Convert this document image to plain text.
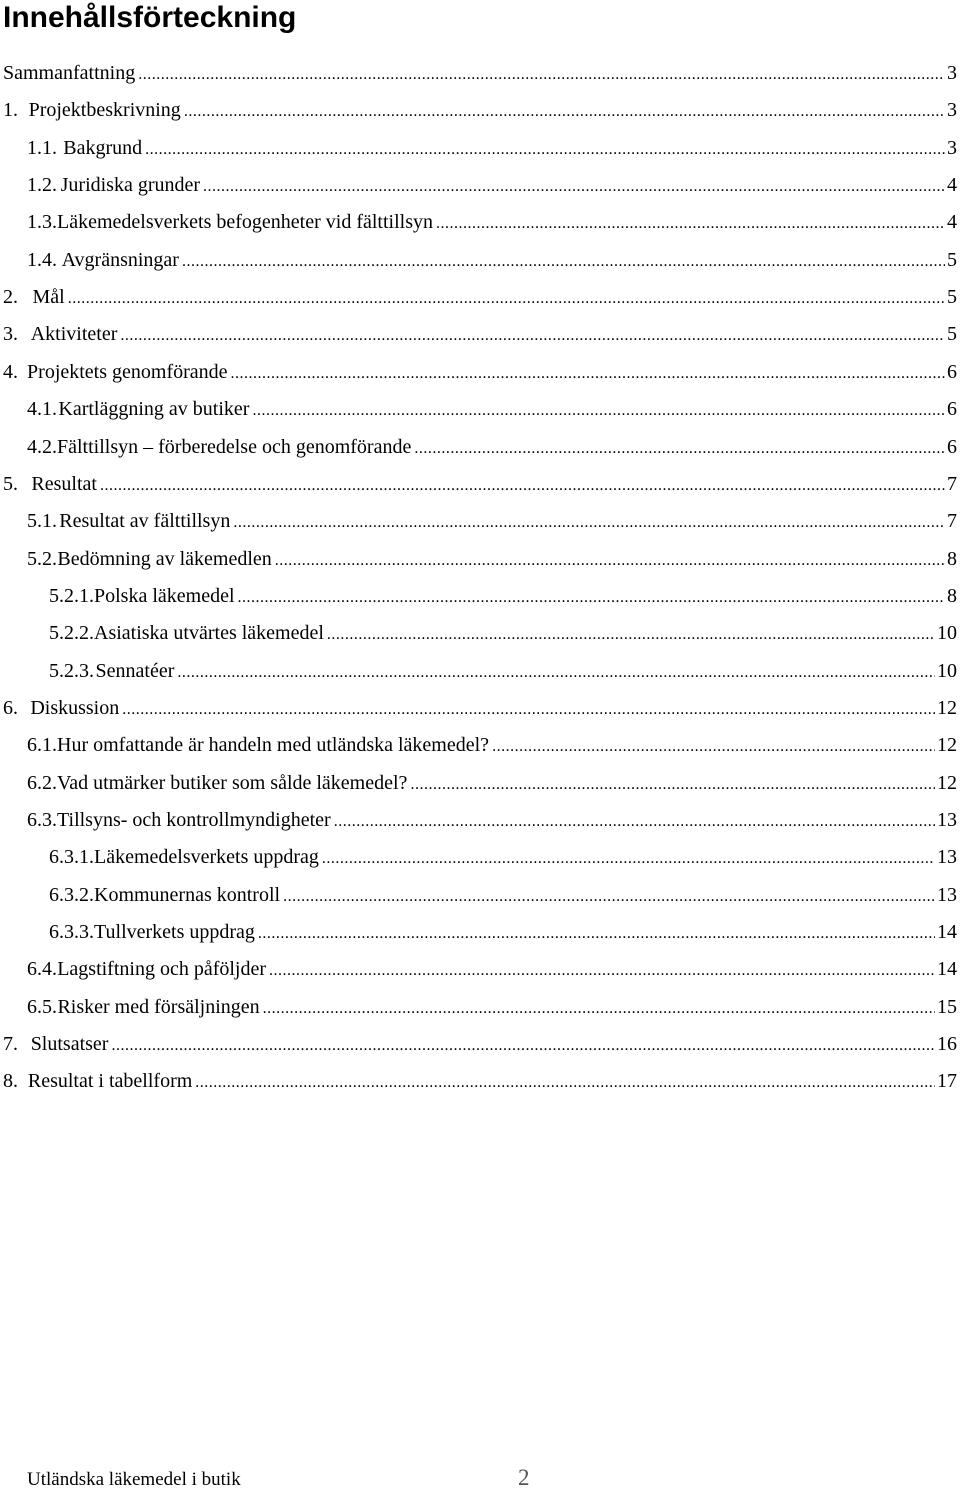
Innehållsförteckning
Sammanfattning .....	3
1. Projektbeskrivning .....	3
1.1. Bakgrund .....	3
1.2. Juridiska grunder .....	4
1.3. Läkemedelsverkets befogenheter vid fälttillsyn .....	4
1.4. Avgränsningar .....	5
2. Mål .....	5
3. Aktiviteter .....	5
4. Projektets genomförande .....	6
4.1. Kartläggning av butiker .....	6
4.2. Fälttillsyn – förberedelse och genomförande .....	6
5. Resultat .....	7
5.1. Resultat av fälttillsyn .....	7
5.2. Bedömning av läkemedlen .....	8
5.2.1. Polska läkemedel .....	8
5.2.2. Asiatiska utvärtes läkemedel .....	10
5.2.3. Sennatéer .....	10
6. Diskussion .....	12
6.1. Hur omfattande är handeln med utländska läkemedel? .....	12
6.2. Vad utmärker butiker som sålde läkemedel? .....	12
6.3. Tillsyns- och kontrollmyndigheter .....	13
6.3.1. Läkemedelsverkets uppdrag .....	13
6.3.2. Kommunernas kontroll .....	13
6.3.3. Tullverkets uppdrag .....	14
6.4. Lagstiftning och påföljder .....	14
6.5. Risker med försäljningen .....	15
7. Slutsatser .....	16
8. Resultat i tabellform .....	17
Utländska läkemedel i butik	2
